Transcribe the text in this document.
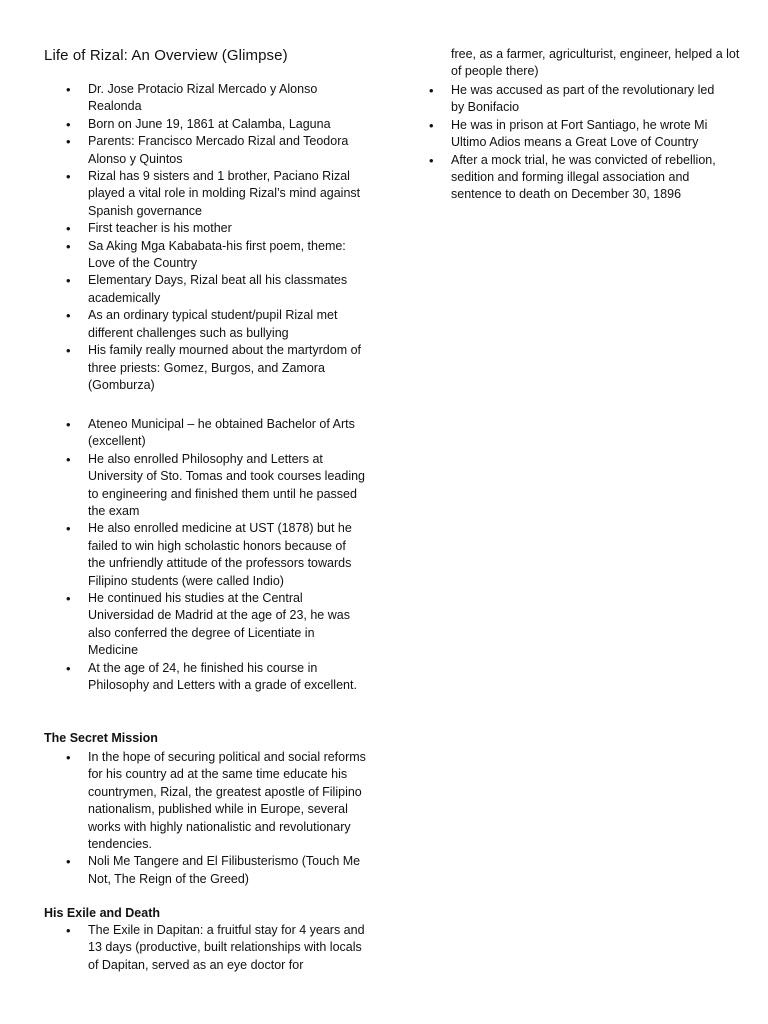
Life of Rizal: An Overview (Glimpse)
• Dr. Jose Protacio Rizal Mercado y Alonso Realonda
• Born on June 19, 1861 at Calamba, Laguna
• Parents: Francisco Mercado Rizal and Teodora Alonso y Quintos
• Rizal has 9 sisters and 1 brother, Paciano Rizal played a vital role in molding Rizal’s mind against Spanish governance
• First teacher is his mother
• Sa Aking Mga Kababata-his first poem, theme: Love of the Country
• Elementary Days, Rizal beat all his classmates academically
• As an ordinary typical student/pupil Rizal met different challenges such as bullying
• His family really mourned about the martyrdom of three priests: Gomez, Burgos, and Zamora (Gomburza)
• Ateneo Municipal – he obtained Bachelor of Arts (excellent)
• He also enrolled Philosophy and Letters at University of Sto. Tomas and took courses leading to engineering and finished them until he passed the exam
• He also enrolled medicine at UST (1878) but he failed to win high scholastic honors because of the unfriendly attitude of the professors towards Filipino students (were called Indio)
• He continued his studies at the Central Universidad de Madrid at the age of 23, he was also conferred the degree of Licentiate in Medicine
• At the age of 24, he finished his course in Philosophy and Letters with a grade of excellent.
The Secret Mission
• In the hope of securing political and social reforms for his country ad at the same time educate his countrymen, Rizal, the greatest apostle of Filipino nationalism, published while in Europe, several works with highly nationalistic and revolutionary tendencies.
• Noli Me Tangere and El Filibusterismo (Touch Me Not, The Reign of the Greed)
His Exile and Death
• The Exile in Dapitan: a fruitful stay for 4 years and 13 days (productive, built relationships with locals of Dapitan, served as an eye doctor for

free, as a farmer, agriculturist, engineer, helped a lot of people there)

• He was accused as part of the revolutionary led by Bonifacio
• He was in prison at Fort Santiago, he wrote Mi Ultimo Adios means a Great Love of Country
• After a mock trial, he was convicted of rebellion, sedition and forming illegal association and sentence to death on December 30, 1896
